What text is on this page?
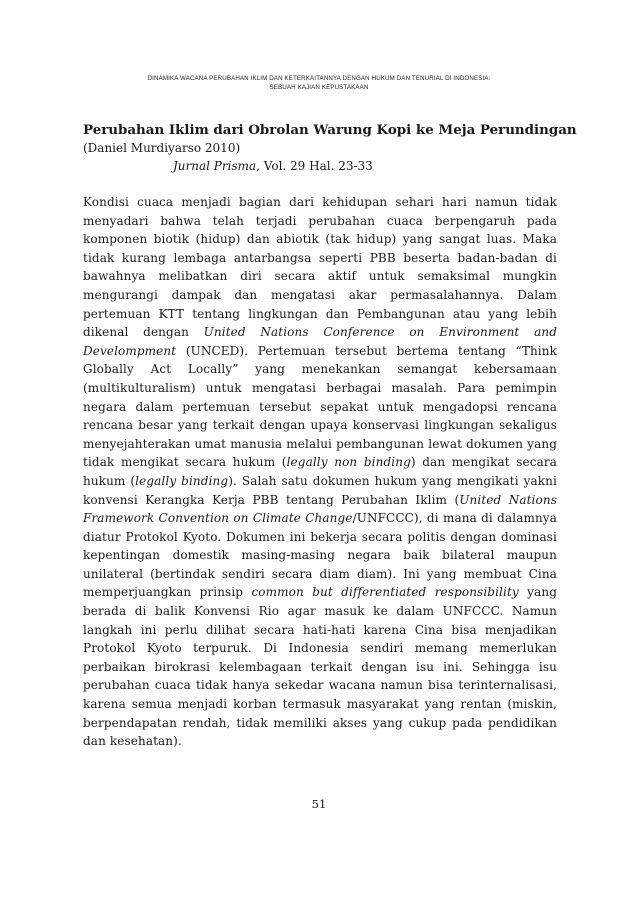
DINAMIKA WACANA PERUBAHAN IKLIM DAN KETERKAITANNYA DENGAN HUKUM DAN TENURIAL DI INDONESIA:
SEBUAH KAJIAN KEPUSTAKAAN

Perubahan Iklim dari Obrolan Warung Kopi ke Meja Perundingan

(Daniel Murdiyarso 2010)

Jurnal Prisma, Vol. 29 Hal. 23-33

Kondisi cuaca menjadi bagian dari kehidupan sehari hari namun tidak menyadari bahwa telah terjadi perubahan cuaca berpengaruh pada komponen biotik (hidup) dan abiotik (tak hidup) yang sangat luas. Maka tidak kurang lembaga antarbangsa seperti PBB beserta badan-badan di bawahnya melibatkan diri secara aktif untuk semaksimal mungkin mengurangi dampak dan mengatasi akar permasalahannya. Dalam pertemuan KTT tentang lingkungan dan Pembangunan atau yang lebih dikenal dengan United Nations Conference on Environment and Develompment (UNCED). Pertemuan tersebut bertema tentang “Think Globally Act Locally” yang menekankan semangat kebersamaan (multikulturalism) untuk mengatasi berbagai masalah. Para pemimpin negara dalam pertemuan tersebut sepakat untuk mengadopsi rencana rencana besar yang terkait dengan upaya konservasi lingkungan sekaligus menyejahterakan umat manusia melalui pembangunan lewat dokumen yang tidak mengikat secara hukum (legally non binding) dan mengikat secara hukum (legally binding). Salah satu dokumen hukum yang mengikati yakni konvensi Kerangka Kerja PBB tentang Perubahan Iklim (United Nations Framework Convention on Climate Change/UNFCCC), di mana di dalamnya diatur Protokol Kyoto. Dokumen ini bekerja secara politis dengan dominasi kepentingan domestik masing-masing negara baik bilateral maupun unilateral (bertindak sendiri secara diam diam). Ini yang membuat Cina memperjuangkan prinsip common but differentiated responsibility yang berada di balik Konvensi Rio agar masuk ke dalam UNFCCC. Namun langkah ini perlu dilihat secara hati-hati karena Cina bisa menjadikan Protokol Kyoto terpuruk. Di Indonesia sendiri memang memerlukan perbaikan birokrasi kelembagaan terkait dengan isu ini. Sehingga isu perubahan cuaca tidak hanya sekedar wacana namun bisa terinternalisasi, karena semua menjadi korban termasuk masyarakat yang rentan (miskin, berpendapatan rendah, tidak memiliki akses yang cukup pada pendidikan dan kesehatan).
51
